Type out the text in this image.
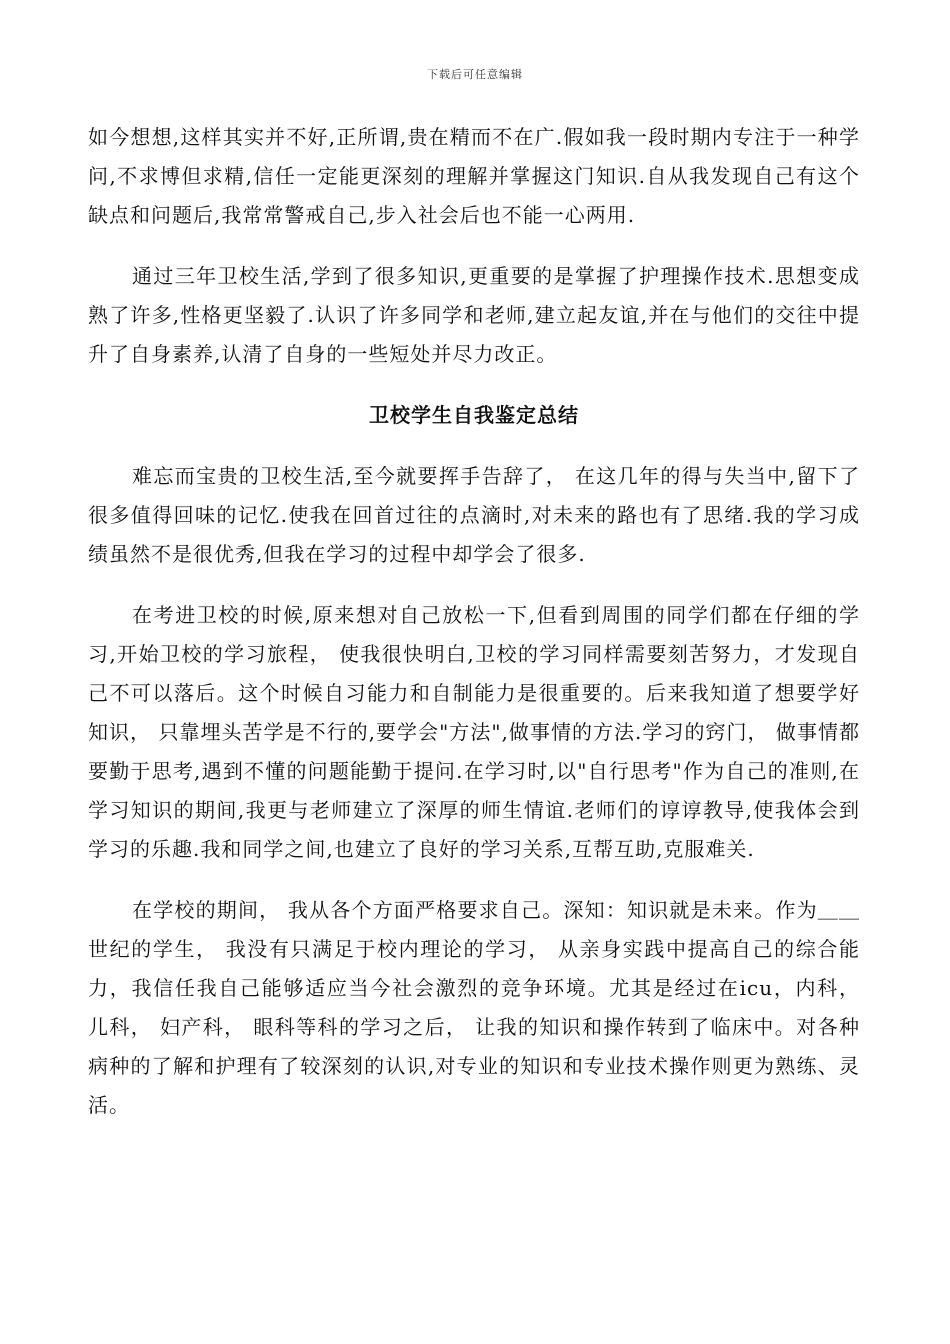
下载后可任意编辑

如今想想,这样其实并不好,正所谓,贵在精而不在广.假如我一段时期内专注于一种学问,不求博但求精,信任一定能更深刻的理解并掌握这门知识.自从我发现自己有这个缺点和问题后,我常常警戒自己,步入社会后也不能一心两用.

通过三年卫校生活,学到了很多知识,更重要的是掌握了护理操作技术.思想变成熟了许多,性格更坚毅了.认识了许多同学和老师,建立起友谊,并在与他们的交往中提升了自身素养,认清了自身的一些短处并尽力改正。

卫校学生自我鉴定总结

难忘而宝贵的卫校生活,至今就要挥手告辞了， 在这几年的得与失当中,留下了很多值得回味的记忆.使我在回首过往的点滴时,对未来的路也有了思绪.我的学习成绩虽然不是很优秀,但我在学习的过程中却学会了很多.

在考进卫校的时候,原来想对自己放松一下,但看到周围的同学们都在仔细的学习,开始卫校的学习旅程， 使我很快明白,卫校的学习同样需要刻苦努力，才发现自己不可以落后。这个时候自习能力和自制能力是很重要的。后来我知道了想要学好知识， 只靠埋头苦学是不行的,要学会"方法",做事情的方法.学习的窍门， 做事情都要勤于思考,遇到不懂的问题能勤于提问.在学习时,以"自行思考"作为自己的准则,在学习知识的期间,我更与老师建立了深厚的师生情谊.老师们的谆谆教导,使我体会到学习的乐趣.我和同学之间,也建立了良好的学习关系,互帮互助,克服难关.

在学校的期间， 我从各个方面严格要求自己。深知：知识就是未来。作为＿＿世纪的学生， 我没有只满足于校内理论的学习， 从亲身实践中提高自己的综合能力，我信任我自己能够适应当今社会激烈的竞争环境。尤其是经过在icu，内科， 儿科， 妇产科， 眼科等科的学习之后， 让我的知识和操作转到了临床中。对各种病种的了解和护理有了较深刻的认识,对专业的知识和专业技术操作则更为熟练、灵活。
